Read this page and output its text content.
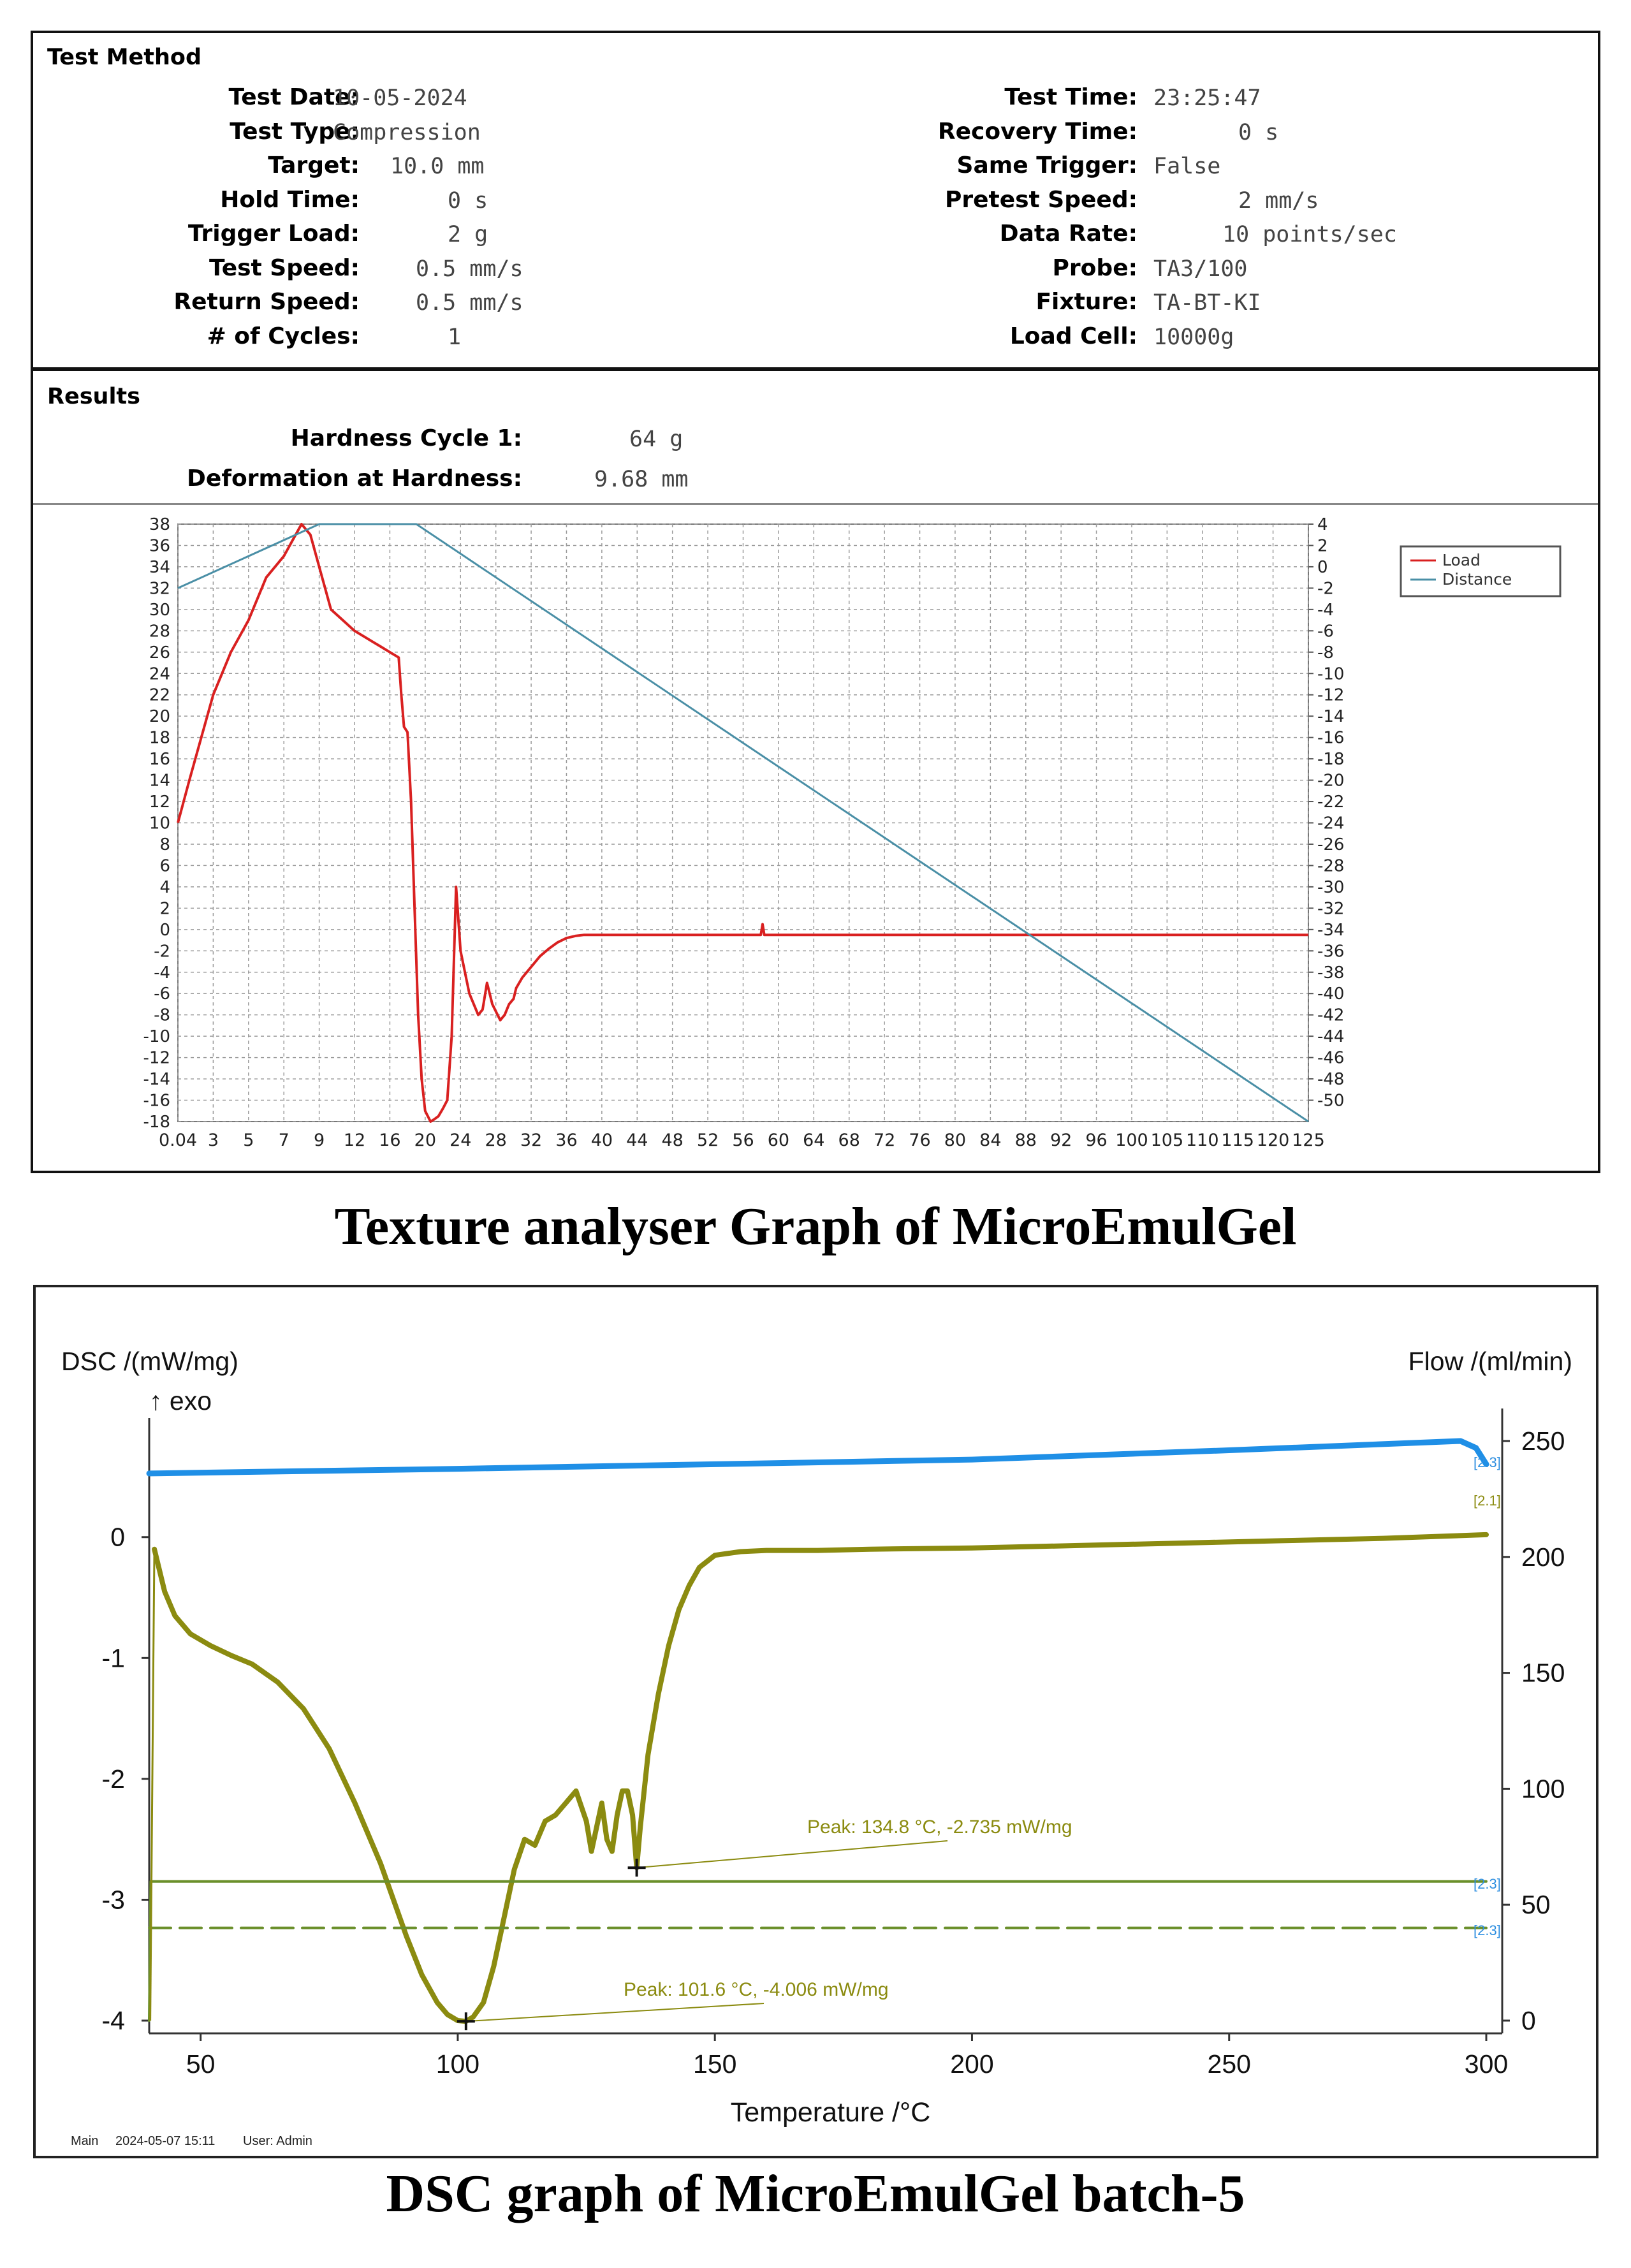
Test Method
Test Date:
10-05-2024
Test Type:
Compression
Target: 10.0 mm
Hold Time:	0 s
Trigger Load:	2 g
Test Speed:	0.5 mm/s
Return Speed:	0.5 mm/s
# of Cycles:	1
Test Time: 23:25:47
Recovery Time:	0 s
Same Trigger: False
Pretest Speed:	2 mm/s
Data Rate:	10 points/sec
Probe: TA3/100
Fixture: TA-BT-KI
Load Cell: 10000g
Results
Hardness Cycle 1:	64 g
Deformation at Hardness:	9.68 mm
38
36
34
32
30
28
26
24
22
20
18
16
14
12
10
8
6
4
2
0
-2
-4
-6
-8
-10
-12
-14
-16
-18
4
2
0
-2
-4
-6
-8
-10
-12
-14
-16
-18
-20
-22
-24
-26
-28
-30
-32
-34
-36
-38
-40
-42
-44
-46
-48
-50
0.04 3 5 7 9 12 16 20 24 28 32 36 40 44 48 52 56 60 64 68 72 76 80 84 88 92 96 100 105 110 115 120 125
Load
Distance
Texture analyser Graph of MicroEmulGel
DSC /(mW/mg)	Flow /(ml/min)
↑ exo
Temperature /°C
0
-1
-2
-3
-4
250
200
150
100
50
0
50	100	150	200	250	300
[2.3]
[2.1]
[2.3]
[2.3]
Peak: 134.8 °C, -2.735 mW/mg
Peak: 101.6 °C, -4.006 mW/mg
Main 2024-05-07 15:11 User: Admin
DSC graph of MicroEmulGel batch-5
